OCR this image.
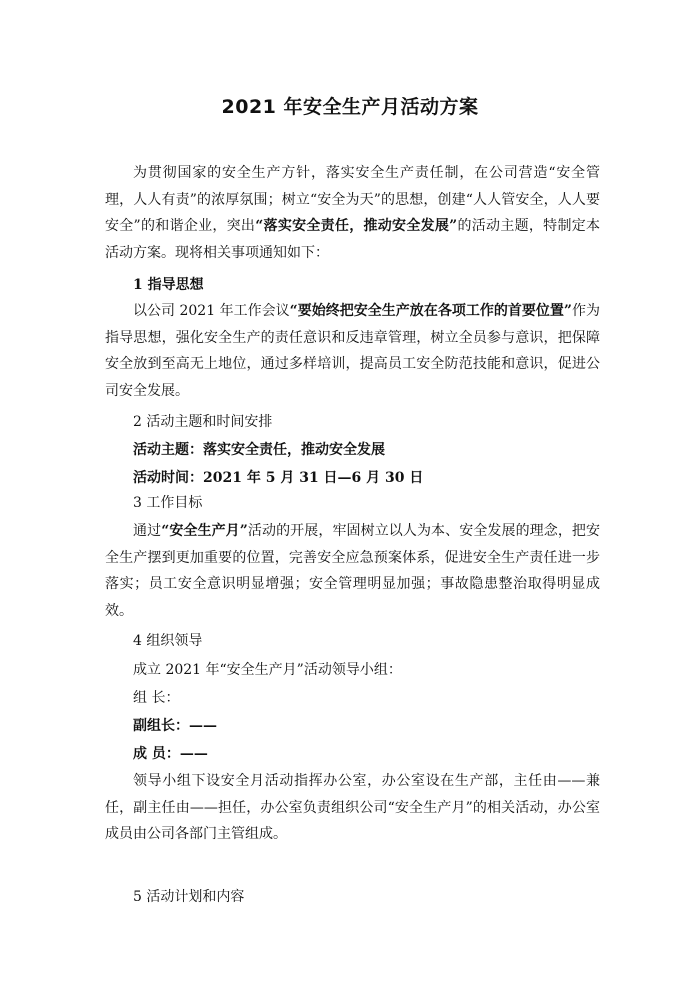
2021 年安全生产月活动方案

为贯彻国家的安全生产方针，落实安全生产责任制，在公司营造“安全管理，人人有责”的浓厚氛围；树立“安全为天”的思想，创建“人人管安全，人人要安全”的和谐企业，突出“落实安全责任，推动安全发展”的活动主题，特制定本活动方案。现将相关事项通知如下：

1 指导思想

以公司 2021 年工作会议“要始终把安全生产放在各项工作的首要位置”作为指导思想，强化安全生产的责任意识和反违章管理，树立全员参与意识，把保障安全放到至高无上地位，通过多样培训，提高员工安全防范技能和意识，促进公司安全发展。

2 活动主题和时间安排
活动主题：落实安全责任，推动安全发展
活动时间：2021 年 5 月 31 日—6 月 30 日
3 工作目标

通过“安全生产月”活动的开展，牢固树立以人为本、安全发展的理念，把安全生产摆到更加重要的位置，完善安全应急预案体系，促进安全生产责任进一步落实；员工安全意识明显增强；安全管理明显加强；事故隐患整治取得明显成效。

4 组织领导
成立 2021 年“安全生产月”活动领导小组：
组 长：
副组长：——
成 员：——

领导小组下设安全月活动指挥办公室，办公室设在生产部，主任由——兼任，副主任由——担任，办公室负责组织公司“安全生产月”的相关活动，办公室成员由公司各部门主管组成。

5 活动计划和内容
